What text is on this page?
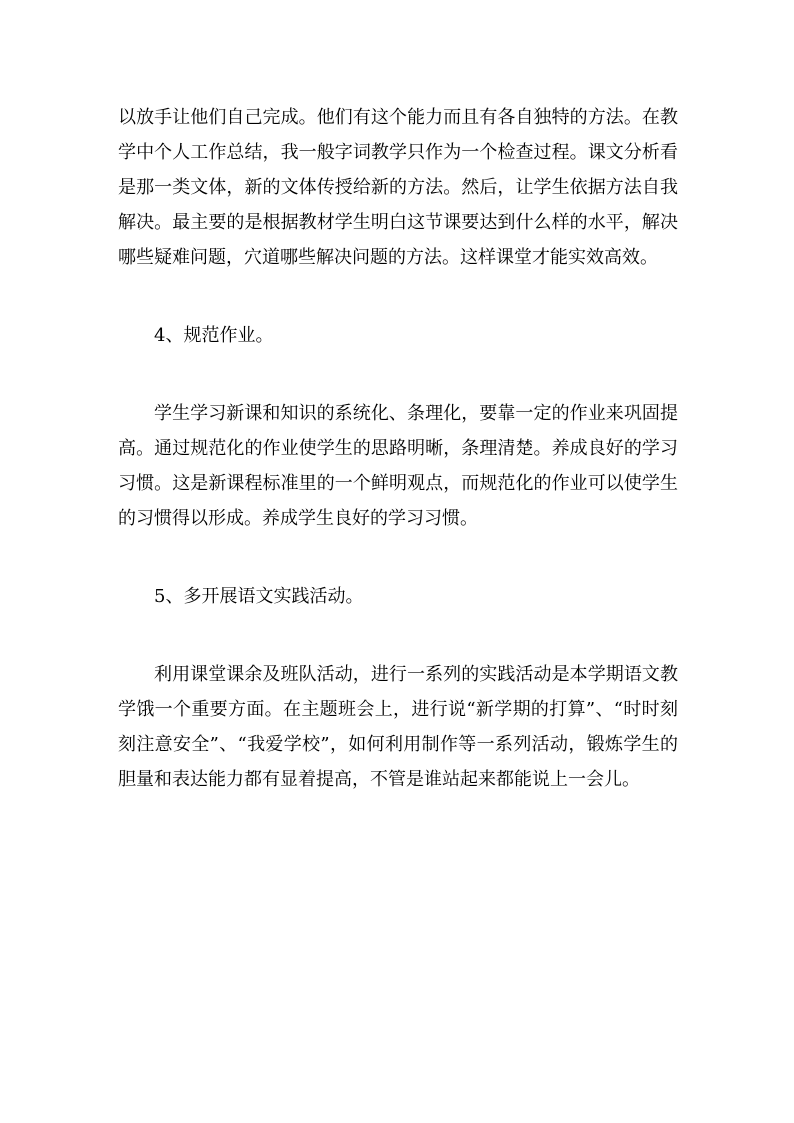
以放手让他们自己完成。他们有这个能力而且有各自独特的方法。在教学中个人工作总结，我一般字词教学只作为一个检查过程。课文分析看是那一类文体，新的文体传授给新的方法。然后，让学生依据方法自我解决。最主要的是根据教材学生明白这节课要达到什么样的水平，解决哪些疑难问题，穴道哪些解决问题的方法。这样课堂才能实效高效。

4、规范作业。

学生学习新课和知识的系统化、条理化，要靠一定的作业来巩固提高。通过规范化的作业使学生的思路明晰，条理清楚。养成良好的学习习惯。这是新课程标准里的一个鲜明观点，而规范化的作业可以使学生的习惯得以形成。养成学生良好的学习习惯。

5、多开展语文实践活动。

利用课堂课余及班队活动，进行一系列的实践活动是本学期语文教学饿一个重要方面。在主题班会上，进行说“新学期的打算”、“时时刻刻注意安全”、“我爱学校”，如何利用制作等一系列活动，锻炼学生的胆量和表达能力都有显着提高，不管是谁站起来都能说上一会儿。
